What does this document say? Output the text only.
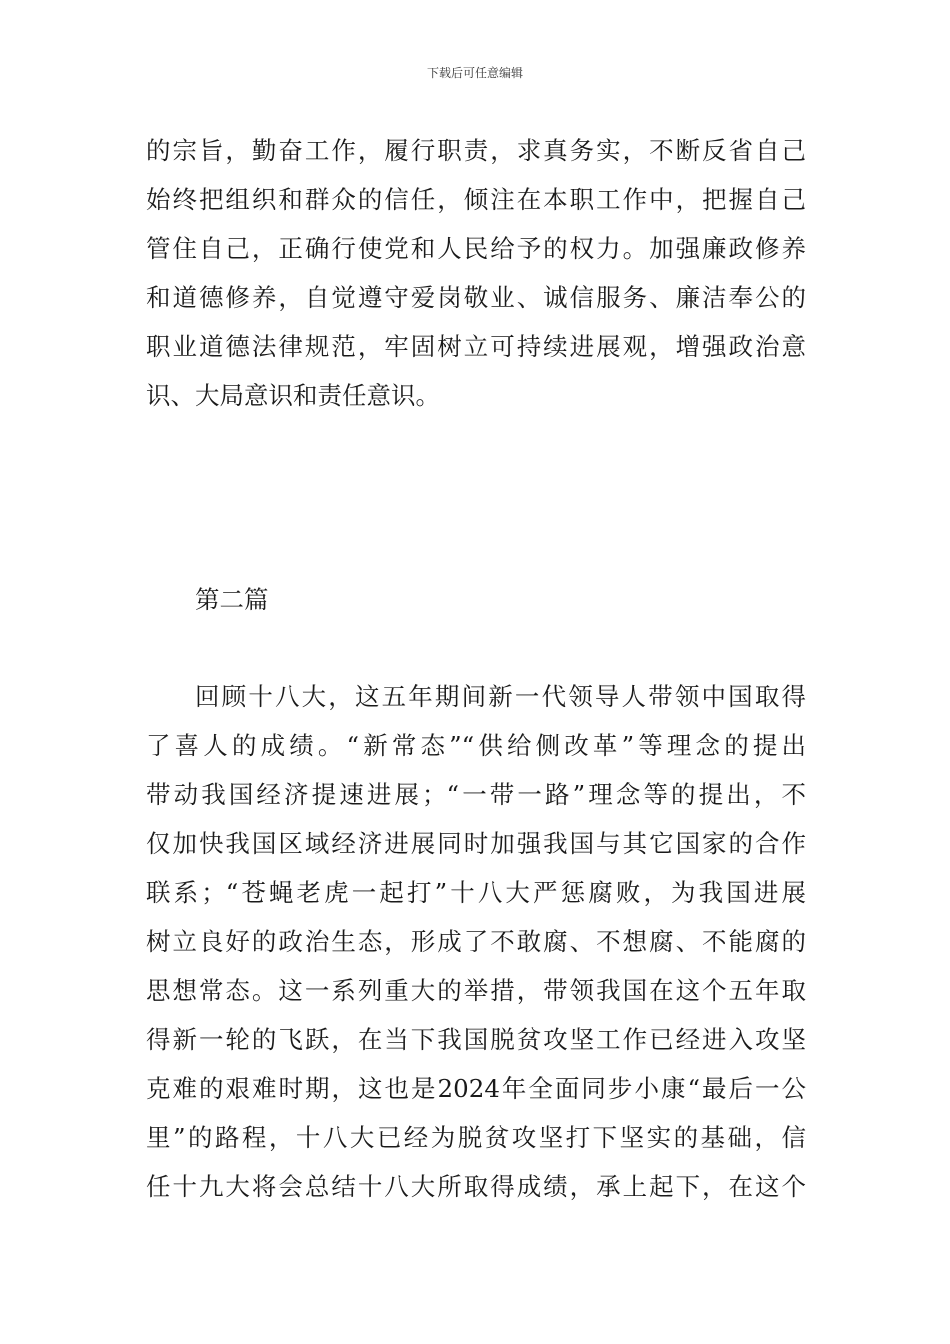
下载后可任意编辑
的宗旨，勤奋工作，履行职责，求真务实，不断反省自己
始终把组织和群众的信任，倾注在本职工作中，把握自己
管住自己，正确行使党和人民给予的权力。加强廉政修养
和道德修养，自觉遵守爱岗敬业、诚信服务、廉洁奉公的
职业道德法律规范，牢固树立可持续进展观，增强政治意
识、大局意识和责任意识。
第二篇
回顾十八大，这五年期间新一代领导人带领中国取得
了喜人的成绩。“新常态”“供给侧改革”等理念的提出
带动我国经济提速进展；“一带一路”理念等的提出，不
仅加快我国区域经济进展同时加强我国与其它国家的合作
联系；“苍蝇老虎一起打”十八大严惩腐败，为我国进展
树立良好的政治生态，形成了不敢腐、不想腐、不能腐的
思想常态。这一系列重大的举措，带领我国在这个五年取
得新一轮的飞跃，在当下我国脱贫攻坚工作已经进入攻坚
克难的艰难时期，这也是2024年全面同步小康“最后一公
里”的路程，十八大已经为脱贫攻坚打下坚实的基础，信
任十九大将会总结十八大所取得成绩，承上起下，在这个
